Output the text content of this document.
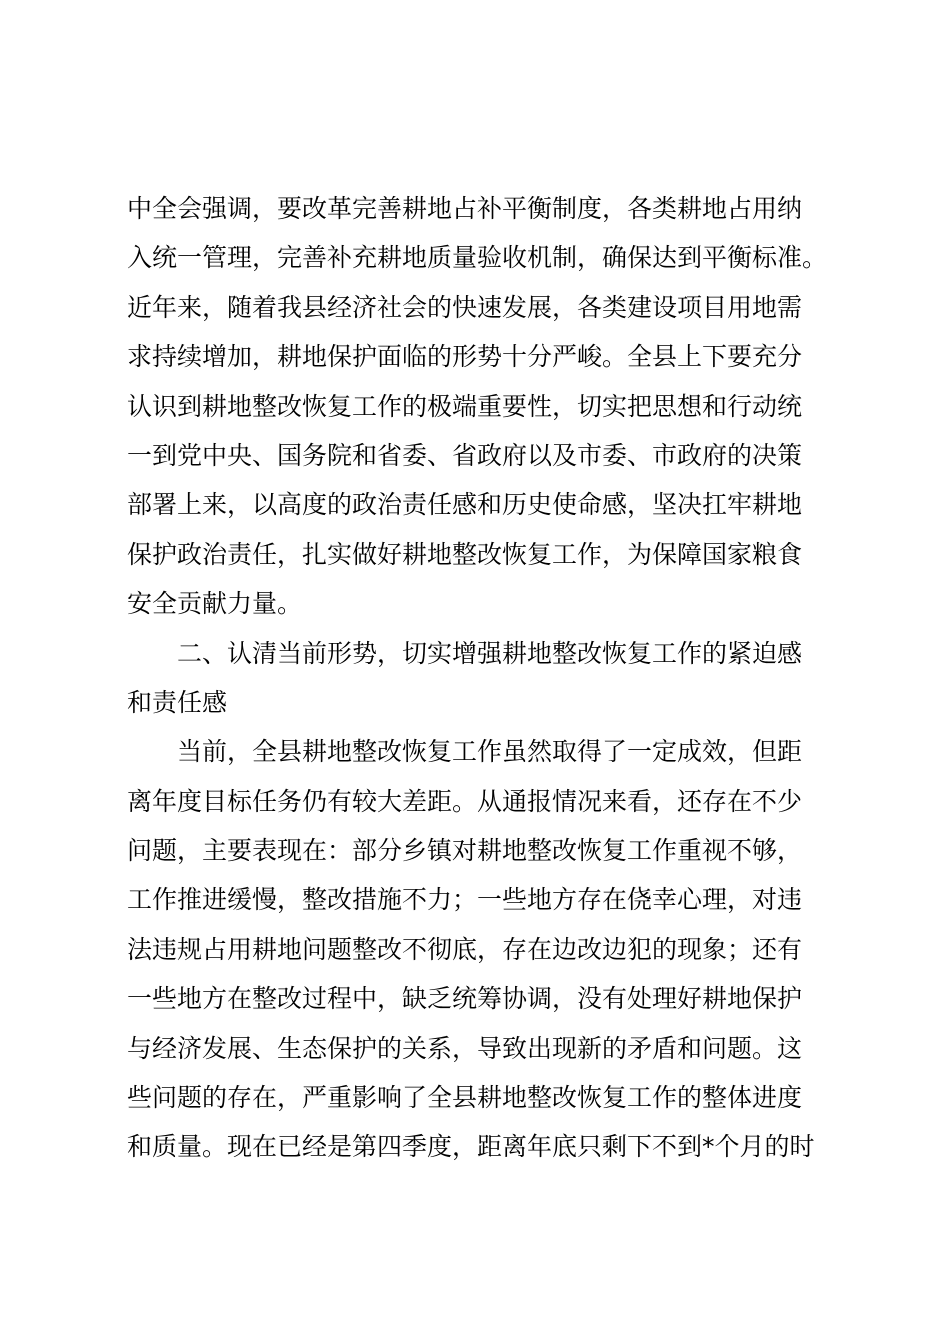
中全会强调，要改革完善耕地占补平衡制度，各类耕地占用纳
入统一管理，完善补充耕地质量验收机制，确保达到平衡标准。
近年来，随着我县经济社会的快速发展，各类建设项目用地需
求持续增加，耕地保护面临的形势十分严峻。全县上下要充分
认识到耕地整改恢复工作的极端重要性，切实把思想和行动统
一到党中央、国务院和省委、省政府以及市委、市政府的决策
部署上来，以高度的政治责任感和历史使命感，坚决扛牢耕地
保护政治责任，扎实做好耕地整改恢复工作，为保障国家粮食
安全贡献力量。
　　二、认清当前形势，切实增强耕地整改恢复工作的紧迫感
和责任感
　　当前，全县耕地整改恢复工作虽然取得了一定成效，但距
离年度目标任务仍有较大差距。从通报情况来看，还存在不少
问题，主要表现在：部分乡镇对耕地整改恢复工作重视不够，
工作推进缓慢，整改措施不力；一些地方存在侥幸心理，对违
法违规占用耕地问题整改不彻底，存在边改边犯的现象；还有
一些地方在整改过程中，缺乏统筹协调，没有处理好耕地保护
与经济发展、生态保护的关系，导致出现新的矛盾和问题。这
些问题的存在，严重影响了全县耕地整改恢复工作的整体进度
和质量。现在已经是第四季度，距离年底只剩下不到*个月的时
